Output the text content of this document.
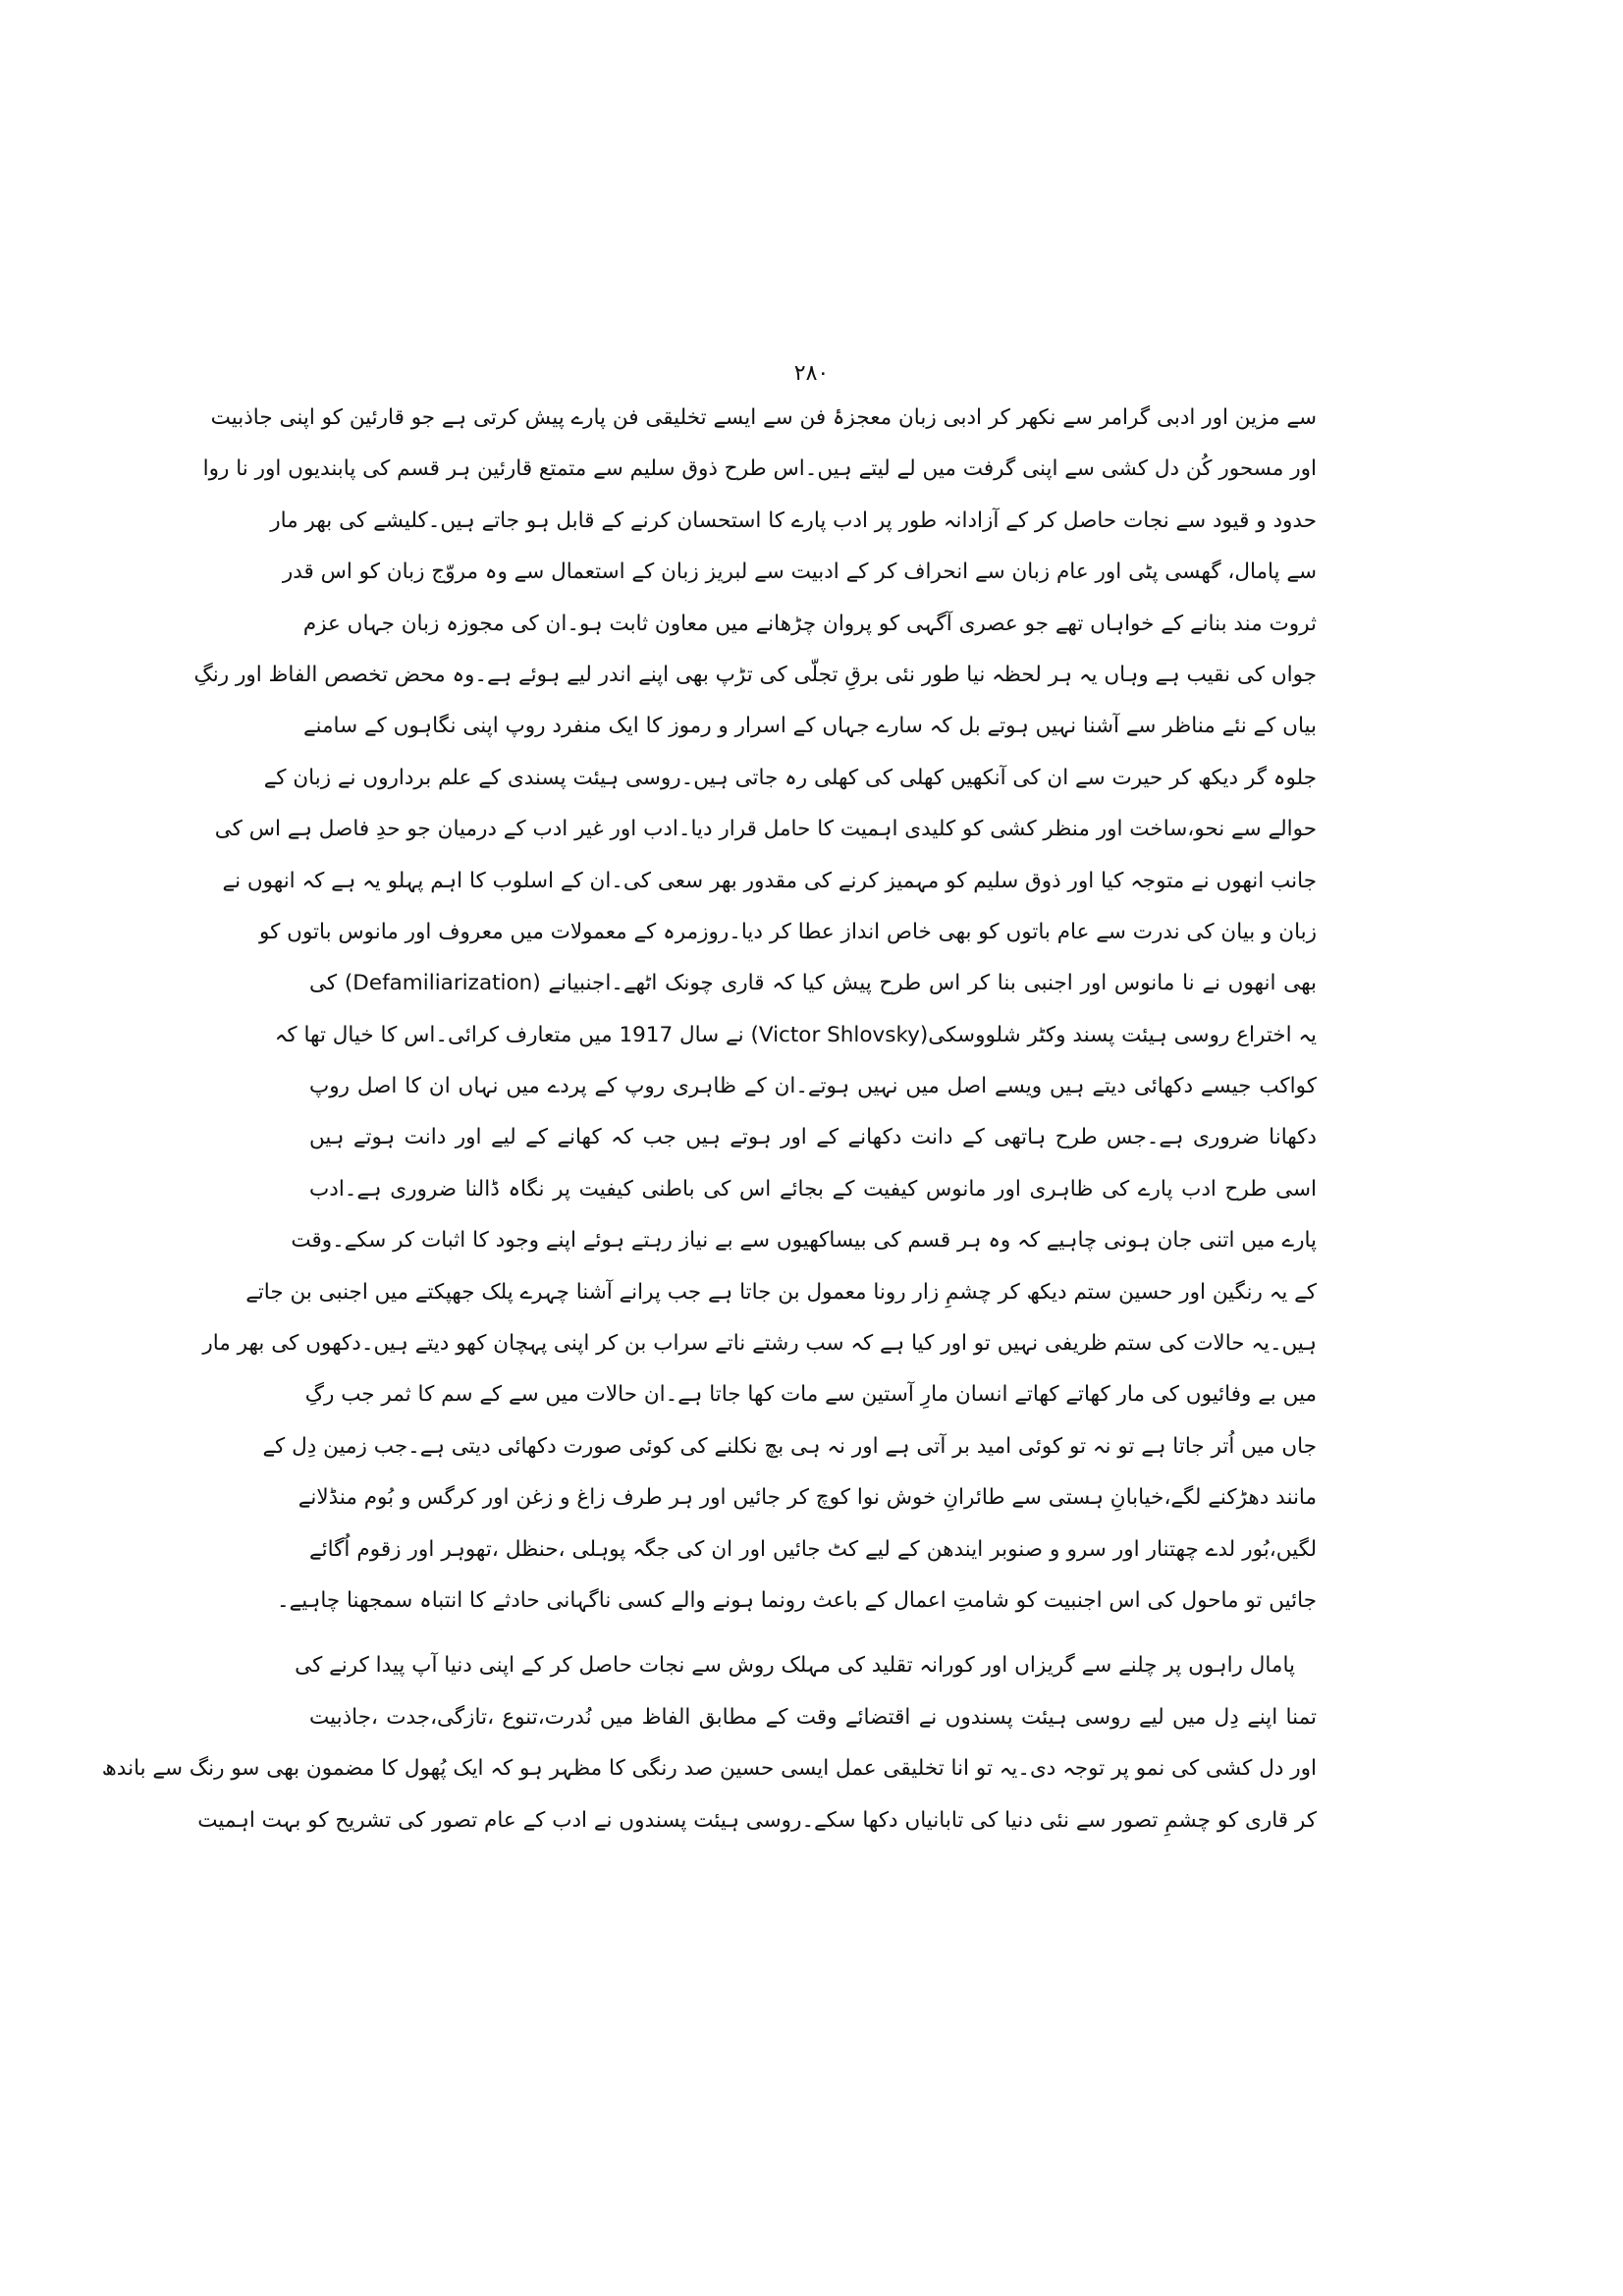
۲۸۰
سے مزین اور ادبی گرامر سے نکھر کر ادبی زبان معجزۂ فن سے ایسے تخلیقی فن پارے پیش کرتی ہے جو قارئین کو اپنی جاذبیت
اور مسحور کُن دل کشی سے اپنی گرفت میں لے لیتے ہیں۔اس طرح ذوق سلیم سے متمتع قارئین ہر قسم کی پابندیوں اور نا روا
حدود و قیود سے نجات حاصل کر کے آزادانہ طور پر ادب پارے کا استحسان کرنے کے قابل ہو جاتے ہیں۔کلیشے کی بھر مار
سے پامال، گھسی پٹی اور عام زبان سے انحراف کر کے ادبیت سے لبریز زبان کے استعمال سے وہ مروّج زبان کو اس قدر
ثروت مند بنانے کے خواہاں تھے جو عصری آگہی کو پروان چڑھانے میں معاون ثابت ہو۔ان کی مجوزہ زبان جہاں عزم
جواں کی نقیب ہے وہاں یہ ہر لحظہ نیا طور نئی برقِ تجلّی کی تڑپ بھی اپنے اندر لیے ہوئے ہے۔وہ محض تخصص الفاظ اور رنگِ
بیاں کے نئے مناظر سے آشنا نہیں ہوتے بل کہ سارے جہاں کے اسرار و رموز کا ایک منفرد روپ اپنی نگاہوں کے سامنے
جلوہ گر دیکھ کر حیرت سے ان کی آنکھیں کھلی کی کھلی رہ جاتی ہیں۔روسی ہیئت پسندی کے علم برداروں نے زبان کے
حوالے سے نحو،ساخت اور منظر کشی کو کلیدی اہمیت کا حامل قرار دیا۔ادب اور غیر ادب کے درمیان جو حدِ فاصل ہے اس کی
جانب انھوں نے متوجہ کیا اور ذوق سلیم کو مہمیز کرنے کی مقدور بھر سعی کی۔ان کے اسلوب کا اہم پہلو یہ ہے کہ انھوں نے
زبان و بیان کی ندرت سے عام باتوں کو بھی خاص انداز عطا کر دیا۔روزمرہ کے معمولات میں معروف اور مانوس باتوں کو
بھی انھوں نے نا مانوس اور اجنبی بنا کر اس طرح پیش کیا کہ قاری چونک اٹھے۔اجنبیانے (Defamiliarization) کی
یہ اختراع روسی ہیئت پسند وکٹر شلووسکی(Victor Shlovsky) نے سال 1917 میں متعارف کرائی۔اس کا خیال تھا کہ
کواکب جیسے دکھائی دیتے ہیں ویسے اصل میں نہیں ہوتے۔ان کے ظاہری روپ کے پردے میں نہاں ان کا اصل روپ
دکھانا ضروری ہے۔جس طرح ہاتھی کے دانت دکھانے کے اور ہوتے ہیں جب کہ کھانے کے لیے اور دانت ہوتے ہیں
اسی طرح ادب پارے کی ظاہری اور مانوس کیفیت کے بجائے اس کی باطنی کیفیت پر نگاہ ڈالنا ضروری ہے۔ادب
پارے میں اتنی جان ہونی چاہیے کہ وہ ہر قسم کی بیساکھیوں سے بے نیاز رہتے ہوئے اپنے وجود کا اثبات کر سکے۔وقت
کے یہ رنگین اور حسین ستم دیکھ کر چشمِ زار رونا معمول بن جاتا ہے جب پرانے آشنا چہرے پلک جھپکتے میں اجنبی بن جاتے
ہیں۔یہ حالات کی ستم ظریفی نہیں تو اور کیا ہے کہ سب رشتے ناتے سراب بن کر اپنی پہچان کھو دیتے ہیں۔دکھوں کی بھر مار
میں بے وفائیوں کی مار کھاتے کھاتے انسان مارِ آستین سے مات کھا جاتا ہے۔ان حالات میں سے کے سم کا ثمر جب رگِ
جاں میں اُتر جاتا ہے تو نہ تو کوئی امید بر آتی ہے اور نہ ہی بچ نکلنے کی کوئی صورت دکھائی دیتی ہے۔جب زمین دِل کے
مانند دھڑکنے لگے،خیابانِ ہستی سے طائرانِ خوش نوا کوچ کر جائیں اور ہر طرف زاغ و زغن اور کرگس و بُوم منڈلانے
لگیں،بُور لدے چھتنار اور سرو و صنوبر ایندھن کے لیے کٹ جائیں اور ان کی جگہ پوہلی ،حنظل ،تھوہر اور زقوم اُگائے
جائیں تو ماحول کی اس اجنبیت کو شامتِ اعمال کے باعث رونما ہونے والے کسی ناگہانی حادثے کا انتباہ سمجھنا چاہیے۔
پامال راہوں پر چلنے سے گریزاں اور کورانہ تقلید کی مہلک روش سے نجات حاصل کر کے اپنی دنیا آپ پیدا کرنے کی
تمنا اپنے دِل میں لیے روسی ہیئت پسندوں نے اقتضائے وقت کے مطابق الفاظ میں نُدرت،تنوع ،تازگی،جدت ،جاذبیت
اور دل کشی کی نمو پر توجہ دی۔یہ تو انا تخلیقی عمل ایسی حسین صد رنگی کا مظہر ہو کہ ایک پُھول کا مضمون بھی سو رنگ سے باندھ
کر قاری کو چشمِ تصور سے نئی دنیا کی تابانیاں دکھا سکے۔روسی ہیئت پسندوں نے ادب کے عام تصور کی تشریح کو بہت اہمیت
